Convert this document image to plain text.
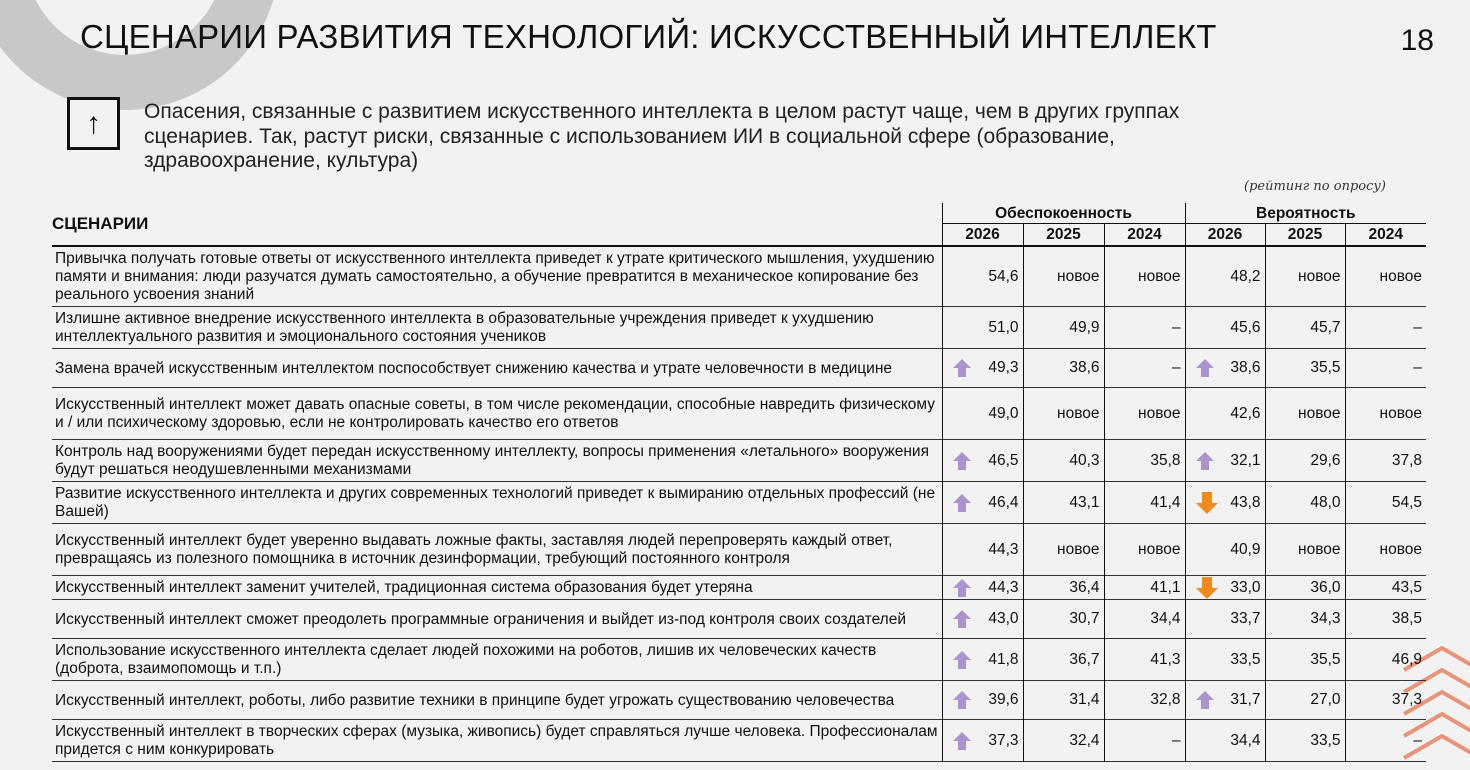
СЦЕНАРИИ РАЗВИТИЯ ТЕХНОЛОГИЙ: ИСКУССТВЕННЫЙ ИНТЕЛЛЕКТ	18
↑ Опасения, связанные с развитием искусственного интеллекта в целом растут чаще, чем в других группах сценариев. Так, растут риски, связанные с использованием ИИ в социальной сфере (образование, здравоохранение, культура)
(рейтинг по опросу)
СЦЕНАРИИ	Обеспокоенность			Вероятность		
	2026	2025	2024	2026	2025	2024
Привычка получать готовые ответы от искусственного интеллекта приведет к утрате критического мышления, ухудшению памяти и внимания: люди разучатся думать самостоятельно, а обучение превратится в механическое копирование без реального усвоения знаний	54,6	новое	новое	48,2	новое	новое
Излишне активное внедрение искусственного интеллекта в образовательные учреждения приведет к ухудшению интеллектуального развития и эмоционального состояния учеников	51,0	49,9	–	45,6	45,7	–
Замена врачей искусственным интеллектом поспособствует снижению качества и утрате человечности в медицине	49,3	38,6	–	38,6	35,5	–
Искусственный интеллект может давать опасные советы, в том числе рекомендации, способные навредить физическому и / или психическому здоровью, если не контролировать качество его ответов	49,0	новое	новое	42,6	новое	новое
Контроль над вооружениями будет передан искусственному интеллекту, вопросы применения «летального» вооружения будут решаться неодушевленными механизмами	46,5	40,3	35,8	32,1	29,6	37,8
Развитие искусственного интеллекта и других современных технологий приведет к вымиранию отдельных профессий (не Вашей)	46,4	43,1	41,4	43,8	48,0	54,5
Искусственный интеллект будет уверенно выдавать ложные факты, заставляя людей перепроверять каждый ответ, превращаясь из полезного помощника в источник дезинформации, требующий постоянного контроля	44,3	новое	новое	40,9	новое	новое
Искусственный интеллект заменит учителей, традиционная система образования будет утеряна	44,3	36,4	41,1	33,0	36,0	43,5
Искусственный интеллект сможет преодолеть программные ограничения и выйдет из-под контроля своих создателей	43,0	30,7	34,4	33,7	34,3	38,5
Использование искусственного интеллекта сделает людей похожими на роботов, лишив их человеческих качеств (доброта, взаимопомощь и т.п.)	41,8	36,7	41,3	33,5	35,5	46,9
Искусственный интеллект, роботы, либо развитие техники в принципе будет угрожать существованию человечества	39,6	31,4	32,8	31,7	27,0	37,3
Искусственный интеллект в творческих сферах (музыка, живопись) будет справляться лучше человека. Профессионалам придется с ним конкурировать	37,3	32,4	–	34,4	33,5	–
